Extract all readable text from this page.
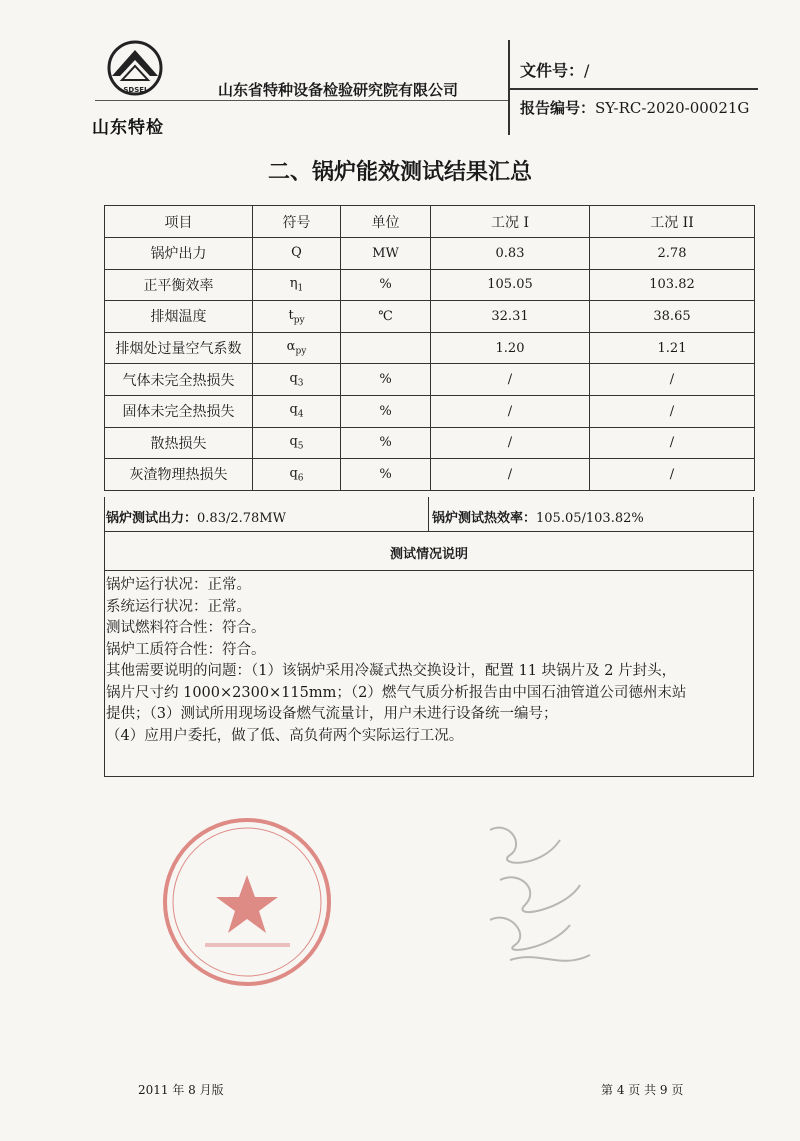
SDSEI
山东特检
山东省特种设备检验研究院有限公司
文件号：/
报告编号：SY-RC-2020-00021G
二、锅炉能效测试结果汇总
项目	符号	单位	工况 I	工况 II
锅炉出力	Q	MW	0.83	2.78
正平衡效率	$\eta_1$	%	105.05	103.82
排烟温度	$t_{py}$	℃	32.31	38.65
排烟处过量空气系数	$\alpha_{py}$		1.20	1.21
气体未完全热损失	$q_3$	%	/	/
固体未完全热损失	$q_4$	%	/	/
散热损失	$q_5$	%	/	/
灰渣物理热损失	$q_6$	%	/	/
锅炉测试出力：0.83/2.78MW	锅炉测试热效率：105.05/103.82%
测试情况说明
锅炉运行状况：正常。
系统运行状况：正常。
测试燃料符合性：符合。
锅炉工质符合性：符合。
其他需要说明的问题：（1）该锅炉采用冷凝式热交换设计，配置 11 块锅片及 2 片封头，
锅片尺寸约 1000×2300×115mm；（2）燃气气质分析报告由中国石油管道公司德州末站
提供；（3）测试所用现场设备燃气流量计，用户未进行设备统一编号；
（4）应用户委托，做了低、高负荷两个实际运行工况。
2011 年 8 月版	第 4 页 共 9 页
